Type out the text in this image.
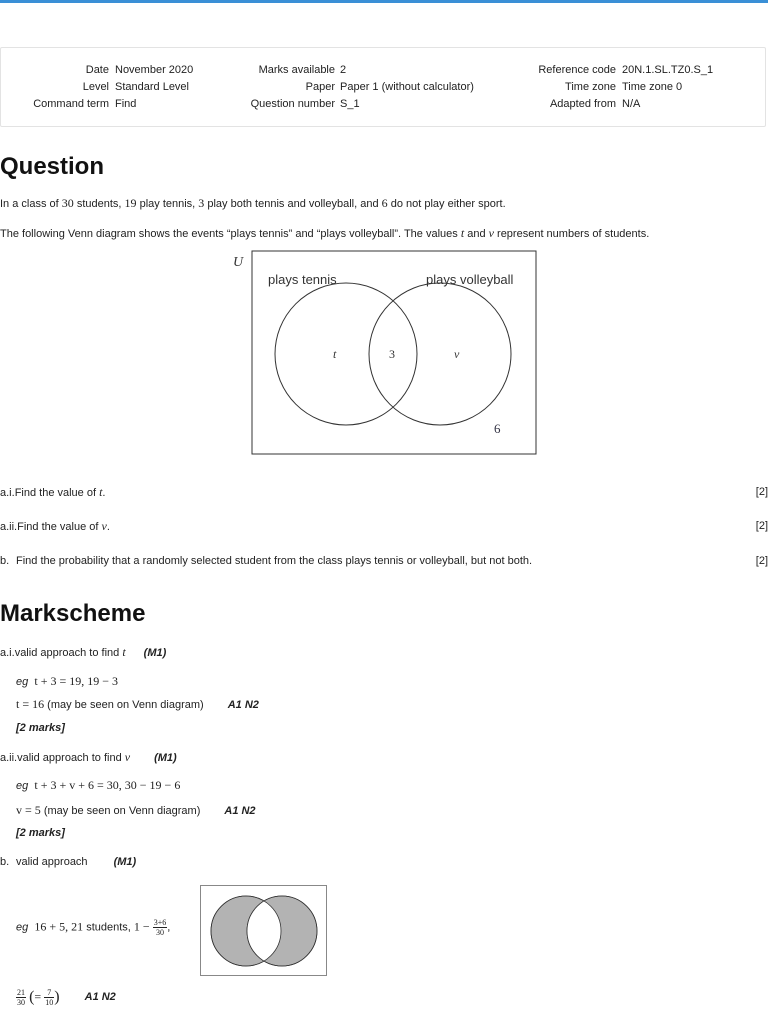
Date November 2020	Marks available 2	Reference code 20N.1.SL.TZ0.S_1
Level Standard Level	Paper Paper 1 (without calculator)	Time zone Time zone 0
Command term Find	Question number S_1	Adapted from N/A
Question
In a class of 30 students, 19 play tennis, 3 play both tennis and volleyball, and 6 do not play either sport.
The following Venn diagram shows the events “plays tennis” and “plays volleyball”. The values t and v represent numbers of students.
U
plays tennis	plays volleyball
t	3	v
6
a.i.Find the value of t.	[2]
a.ii.Find the value of v.	[2]
b. Find the probability that a randomly selected student from the class plays tennis or volleyball, but not both.	[2]
Markscheme
a.i.valid approach to find t (M1)
eg t + 3 = 19, 19 − 3
t = 16 (may be seen on Venn diagram) A1 N2
[2 marks]
a.ii.valid approach to find v (M1)
eg t + 3 + v + 6 = 30, 30 − 19 − 6
v = 5 (may be seen on Venn diagram) A1 N2
[2 marks]
b. valid approach (M1)
eg 16 + 5, 21 students, $1 - \frac{3+6}{30}$ ,
$\frac{21}{30}$ (= $\frac{7}{10}$ ) A1 N2
